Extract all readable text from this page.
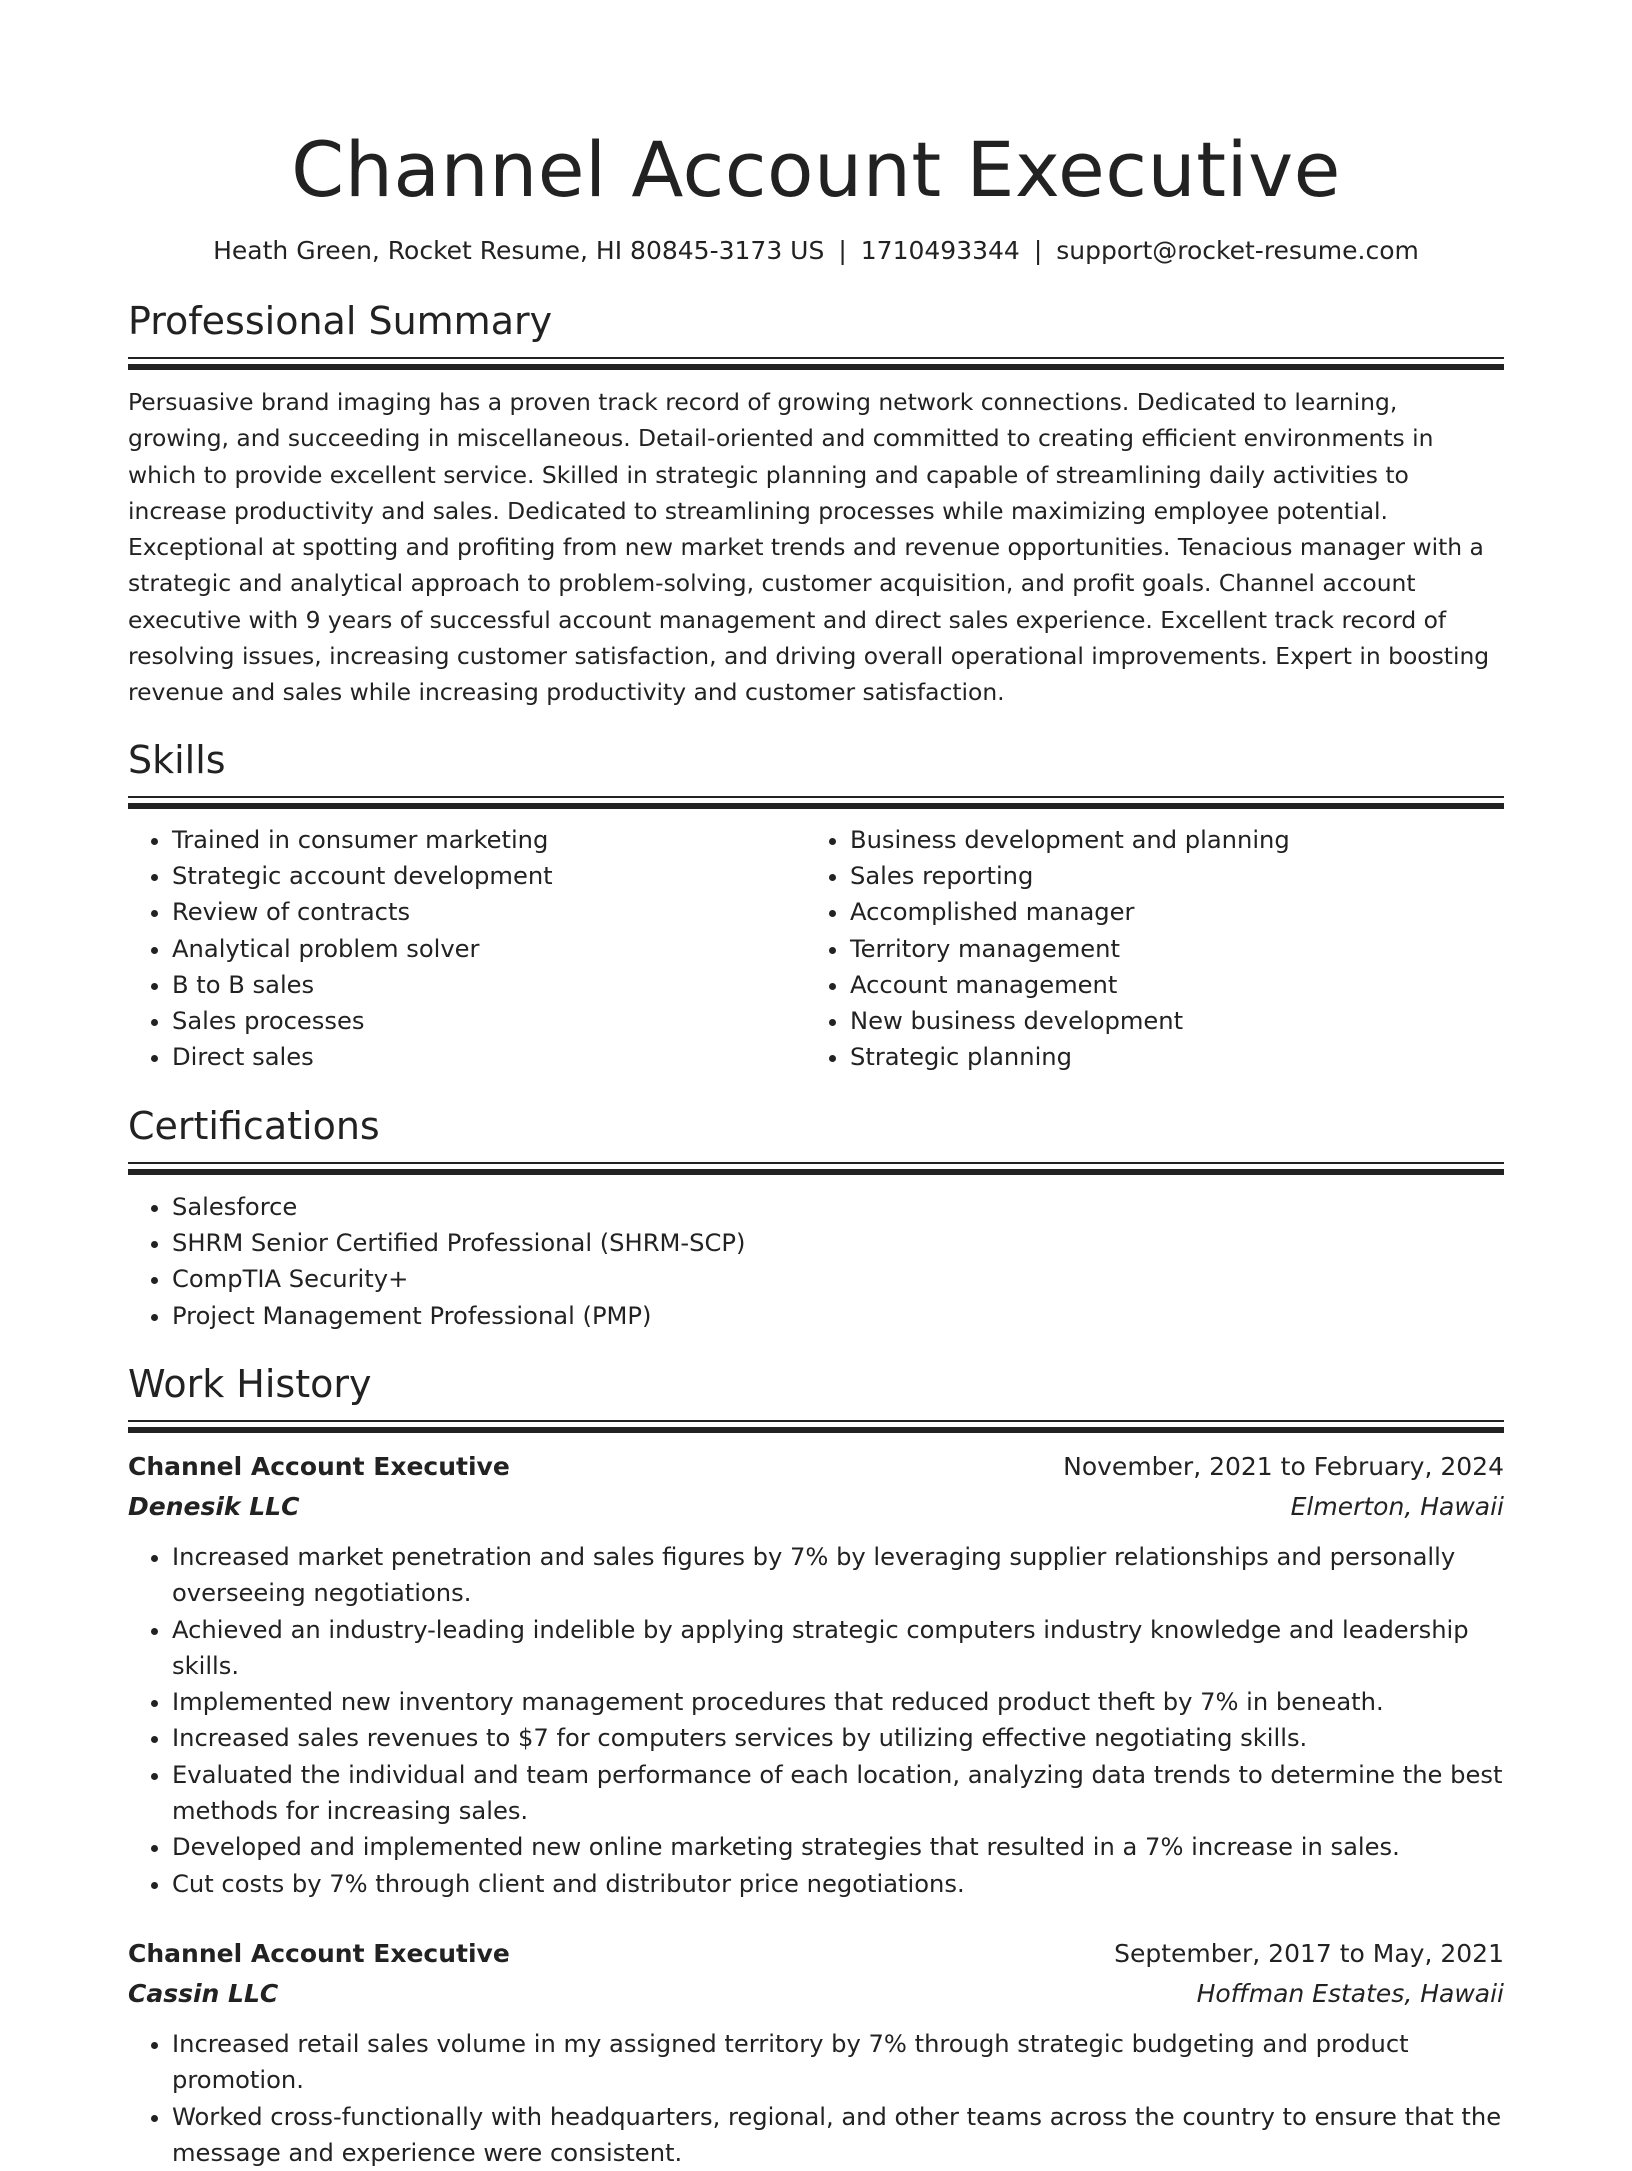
Channel Account Executive
Heath Green, Rocket Resume, HI 80845-3173 US | 1710493344 | support@rocket-resume.com
Professional Summary

Persuasive brand imaging has a proven track record of growing network connections. Dedicated to learning, growing, and succeeding in miscellaneous. Detail-oriented and committed to creating efficient environments in which to provide excellent service. Skilled in strategic planning and capable of streamlining daily activities to increase productivity and sales. Dedicated to streamlining processes while maximizing employee potential. Exceptional at spotting and profiting from new market trends and revenue opportunities. Tenacious manager with a strategic and analytical approach to problem-solving, customer acquisition, and profit goals. Channel account executive with 9 years of successful account management and direct sales experience. Excellent track record of resolving issues, increasing customer satisfaction, and driving overall operational improvements. Expert in boosting revenue and sales while increasing productivity and customer satisfaction.

Skills
• Trained in consumer marketing
• Strategic account development
• Review of contracts
• Analytical problem solver
• B to B sales
• Sales processes
• Direct sales
• Business development and planning
• Sales reporting
• Accomplished manager
• Territory management
• Account management
• New business development
• Strategic planning
Certifications
• Salesforce
• SHRM Senior Certified Professional (SHRM-SCP)
• CompTIA Security+
• Project Management Professional (PMP)
Work History
Channel Account Executive	November, 2021 to February, 2024
Denesik LLC	Elmerton, Hawaii
• Increased market penetration and sales figures by 7% by leveraging supplier relationships and personally overseeing negotiations.
• Achieved an industry-leading indelible by applying strategic computers industry knowledge and leadership skills.
• Implemented new inventory management procedures that reduced product theft by 7% in beneath.
• Increased sales revenues to $7 for computers services by utilizing effective negotiating skills.
• Evaluated the individual and team performance of each location, analyzing data trends to determine the best methods for increasing sales.
• Developed and implemented new online marketing strategies that resulted in a 7% increase in sales.
• Cut costs by 7% through client and distributor price negotiations.
Channel Account Executive	September, 2017 to May, 2021
Cassin LLC	Hoffman Estates, Hawaii
• Increased retail sales volume in my assigned territory by 7% through strategic budgeting and product promotion.
• Worked cross-functionally with headquarters, regional, and other teams across the country to ensure that the message and experience were consistent.
